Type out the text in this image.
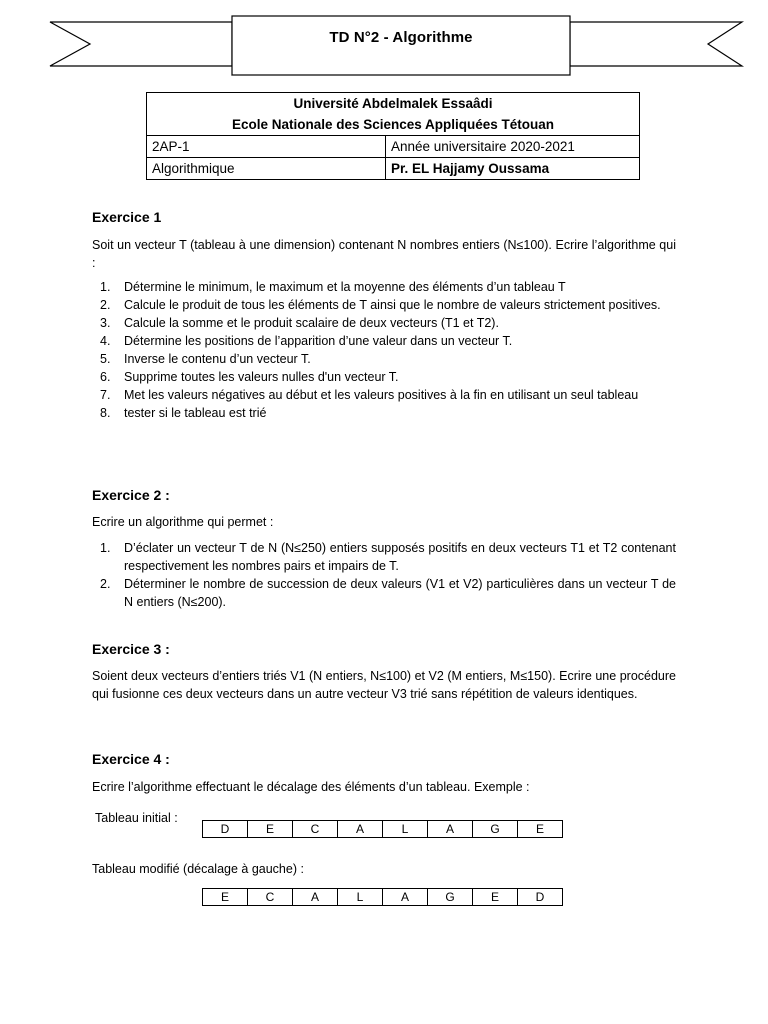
TD N°2 - Algorithme
Université Abdelmalek Essaâdi	
Ecole Nationale des Sciences Appliquées Tétouan	
2AP-1	Année universitaire 2020-2021
Algorithmique	Pr. EL Hajjamy Oussama
Exercice 1

Soit un vecteur T (tableau à une dimension) contenant N nombres entiers (N≤100). Ecrire l’algorithme qui :

1. Détermine le minimum, le maximum et la moyenne des éléments d’un tableau T
2. Calcule le produit de tous les éléments de T ainsi que le nombre de valeurs strictement positives.
3. Calcule la somme et le produit scalaire de deux vecteurs (T1 et T2).
4. Détermine les positions de l’apparition d’une valeur dans un vecteur T.
5. Inverse le contenu d’un vecteur T.
6. Supprime toutes les valeurs nulles d'un vecteur T.
7. Met les valeurs négatives au début et les valeurs positives à la fin en utilisant un seul tableau
8. tester si le tableau est trié
Exercice 2 :

Ecrire un algorithme qui permet :

1. D’éclater un vecteur T de N (N≤250) entiers supposés positifs en deux vecteurs T1 et T2 contenant respectivement les nombres pairs et impairs de T.
2. Déterminer le nombre de succession de deux valeurs (V1 et V2) particulières dans un vecteur T de N entiers (N≤200).
Exercice 3 :

Soient deux vecteurs d’entiers triés V1 (N entiers, N≤100) et V2 (M entiers, M≤150). Ecrire une procédure qui fusionne ces deux vecteurs dans un autre vecteur V3 trié sans répétition de valeurs identiques.

Exercice 4 :

Ecrire l’algorithme effectuant le décalage des éléments d’un tableau. Exemple :

Tableau initial :
D	E	C	A	L	A	G	E
Tableau modifié (décalage à gauche) :
E	C	A	L	A	G	E	D
